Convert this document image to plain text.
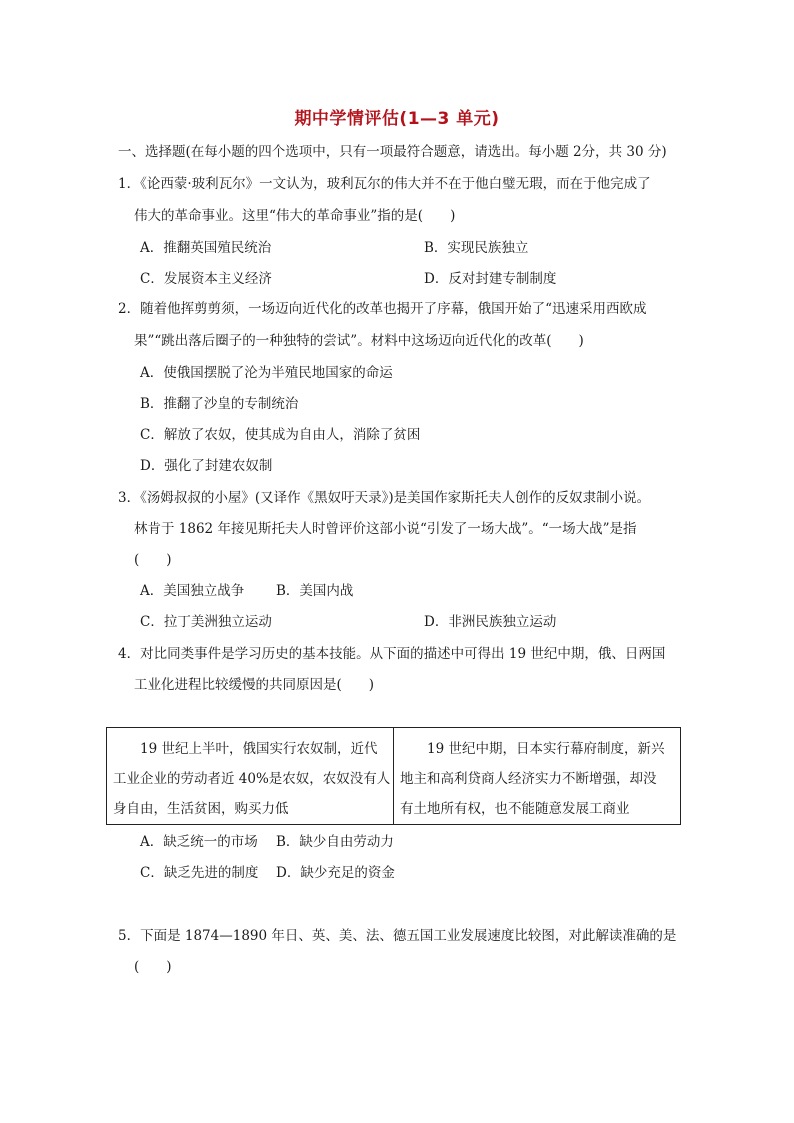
期中学情评估(1—3 单元)
一、选择题(在每小题的四个选项中，只有一项最符合题意，请选出。每小题 2分，共 30 分)
1．《论西蒙·玻利瓦尔》一文认为，玻利瓦尔的伟大并不在于他白璧无瑕，而在于他完成了
伟大的革命事业。这里“伟大的革命事业”指的是(　　)
A．推翻英国殖民统治	B．实现民族独立
C．发展资本主义经济	D．反对封建专制制度
2．随着他挥剪剪须，一场迈向近代化的改革也揭开了序幕，俄国开始了“迅速采用西欧成
果”“跳出落后圈子的一种独特的尝试”。材料中这场迈向近代化的改革(　　)
A．使俄国摆脱了沦为半殖民地国家的命运
B．推翻了沙皇的专制统治
C．解放了农奴，使其成为自由人，消除了贫困
D．强化了封建农奴制
3．《汤姆叔叔的小屋》(又译作《黑奴吁天录》)是美国作家斯托夫人创作的反奴隶制小说。
林肯于 1862 年接见斯托夫人时曾评价这部小说“引发了一场大战”。“一场大战”是指
(　　)
A．美国独立战争 B．美国内战
C．拉丁美洲独立运动	D．非洲民族独立运动
4．对比同类事件是学习历史的基本技能。从下面的描述中可得出 19 世纪中期，俄、日两国
工业化进程比较缓慢的共同原因是(　　)
　　19 世纪上半叶，俄国实行农奴制，近代
工业企业的劳动者近 40%是农奴，农奴没有人
身自由，生活贫困，购买力低

　　19 世纪中期，日本实行幕府制度，新兴
地主和高利贷商人经济实力不断增强，却没
有土地所有权，也不能随意发展工商业
A．缺乏统一的市场 B．缺少自由劳动力
C．缺乏先进的制度 D．缺少充足的资金
5．下面是 1874—1890 年日、英、美、法、德五国工业发展速度比较图，对此解读准确的是
(　　)
